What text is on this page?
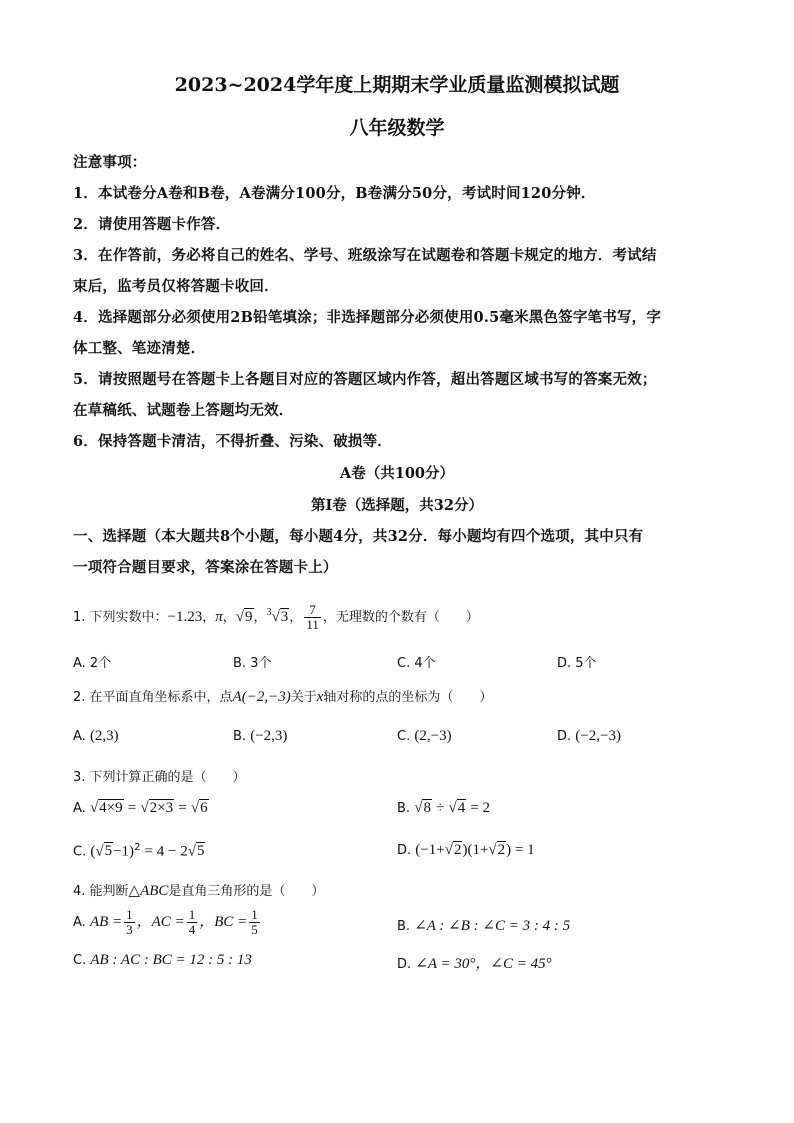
2023~2024学年度上期期末学业质量监测模拟试题
八年级数学
注意事项：
1．本试卷分A卷和B卷，A卷满分100分，B卷满分50分，考试时间120分钟．
2．请使用答题卡作答．
3．在作答前，务必将自己的姓名、学号、班级涂写在试题卷和答题卡规定的地方．考试结
束后，监考员仅将答题卡收回．
4．选择题部分必须使用2B铅笔填涂；非选择题部分必须使用0.5毫米黑色签字笔书写，字
体工整、笔迹清楚．
5．请按照题号在答题卡上各题目对应的答题区域内作答，超出答题区域书写的答案无效；
在草稿纸、试题卷上答题均无效．
6．保持答题卡清洁，不得折叠、污染、破损等．
A卷（共100分）
第Ⅰ卷（选择题，共32分）
一、选择题（本大题共8个小题，每小题4分，共32分．每小题均有四个选项，其中只有
一项符合题目要求，答案涂在答题卡上）
1. 下列实数中：−1.23，π，√9，$^3$√3， $\frac{7}{11}$ ，无理数的个数有（　　）
A. 2个	B. 3个	C. 4个	D. 5个
2. 在平面直角坐标系中，点A(−2,−3)关于x轴对称的点的坐标为（　　）
A. (2,3)	B. (−2,3)	C. (2,−3)	D. (−2,−3)
3. 下列计算正确的是（　　）
A. √4×9 = √2×3 = √6	B. √8 ÷ √4 = 2
C. $(√5-1)^2 = 4 - 2√5$	D. (−1+√2)(1+√2) = 1
4. 能判断△ABC是直角三角形的是（　　）
A. AB = $\frac{1}{3}$ ，AC = $\frac{1}{4}$ ，BC = $\frac{1}{5}$	B. ∠A : ∠B : ∠C = 3 : 4 : 5
C. AB : AC : BC = 12 : 5 : 13	D. ∠A = 30°，∠C = 45°
